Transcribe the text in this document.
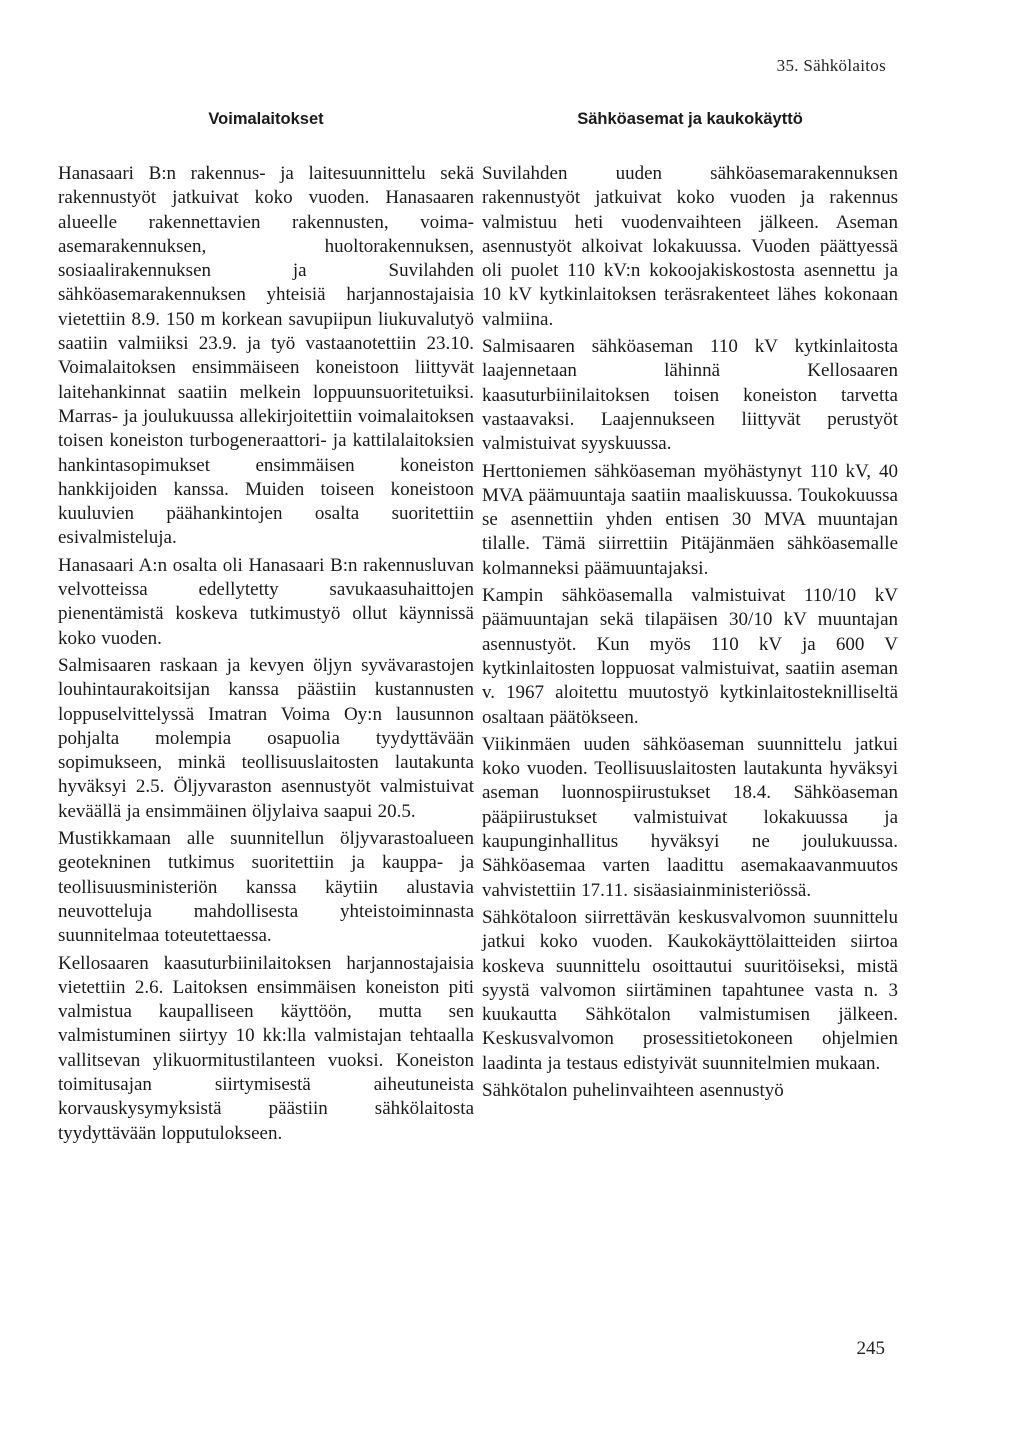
35. Sähkölaitos
Voimalaitokset

Hanasaari B:n rakennus- ja laitesuunnittelu sekä rakennustyöt jatkuivat koko vuoden. Hanasaaren alueelle rakennettavien rakennusten, voima-asemarakennuksen, huoltorakennuksen, sosiaalirakennuksen ja Suvilahden sähköasemarakennuksen yhteisiä harjannostajaisia vietettiin 8.9. 150 m korkean savupiipun liukuvalutyö saatiin valmiiksi 23.9. ja työ vastaanotettiin 23.10. Voimalaitoksen ensimmäiseen koneistoon liittyvät laitehankinnat saatiin melkein loppuunsuoritetuiksi. Marras- ja joulukuussa allekirjoitettiin voimalaitoksen toisen koneiston turbogeneraattori- ja kattilalaitoksien hankintasopimukset ensimmäisen koneiston hankkijoiden kanssa. Muiden toiseen koneistoon kuuluvien päähankintojen osalta suoritettiin esivalmisteluja.

Hanasaari A:n osalta oli Hanasaari B:n rakennusluvan velvotteissa edellytetty savukaasuhaittojen pienentämistä koskeva tutkimustyö ollut käynnissä koko vuoden.

Salmisaaren raskaan ja kevyen öljyn syvävarastojen louhintaurakoitsijan kanssa päästiin kustannusten loppuselvittelyssä Imatran Voima Oy:n lausunnon pohjalta molempia osapuolia tyydyttävään sopimukseen, minkä teollisuuslaitosten lautakunta hyväksyi 2.5. Öljyvaraston asennustyöt valmistuivat keväällä ja ensimmäinen öljylaiva saapui 20.5.

Mustikkamaan alle suunnitellun öljyvarastoalueen geotekninen tutkimus suoritettiin ja kauppa- ja teollisuusministeriön kanssa käytiin alustavia neuvotteluja mahdollisesta yhteistoiminnasta suunnitelmaa toteutettaessa.

Kellosaaren kaasuturbiinilaitoksen harjannostajaisia vietettiin 2.6. Laitoksen ensimmäisen koneiston piti valmistua kaupalliseen käyttöön, mutta sen valmistuminen siirtyy 10 kk:lla valmistajan tehtaalla vallitsevan ylikuormitustilanteen vuoksi. Koneiston toimitusajan siirtymisestä aiheutuneista korvauskysymyksistä päästiin sähkölaitosta tyydyttävään lopputulokseen.

Sähköasemat ja kaukokäyttö

Suvilahden uuden sähköasemarakennuksen rakennustyöt jatkuivat koko vuoden ja rakennus valmistuu heti vuodenvaihteen jälkeen. Aseman asennustyöt alkoivat lokakuussa. Vuoden päättyessä oli puolet 110 kV:n kokoojakiskostosta asennettu ja 10 kV kytkinlaitoksen teräsrakenteet lähes kokonaan valmiina.

Salmisaaren sähköaseman 110 kV kytkinlaitosta laajennetaan lähinnä Kellosaaren kaasuturbiinilaitoksen toisen koneiston tarvetta vastaavaksi. Laajennukseen liittyvät perustyöt valmistuivat syyskuussa.

Herttoniemen sähköaseman myöhästynyt 110 kV, 40 MVA päämuuntaja saatiin maaliskuussa. Toukokuussa se asennettiin yhden entisen 30 MVA muuntajan tilalle. Tämä siirrettiin Pitäjänmäen sähköasemalle kolmanneksi päämuuntajaksi.

Kampin sähköasemalla valmistuivat 110/10 kV päämuuntajan sekä tilapäisen 30/10 kV muuntajan asennustyöt. Kun myös 110 kV ja 600 V kytkinlaitosten loppuosat valmistuivat, saatiin aseman v. 1967 aloitettu muutostyö kytkinlaitosteknilliseltä osaltaan päätökseen.

Viikinmäen uuden sähköaseman suunnittelu jatkui koko vuoden. Teollisuuslaitosten lautakunta hyväksyi aseman luonnospiirustukset 18.4. Sähköaseman pääpiirustukset valmistuivat lokakuussa ja kaupunginhallitus hyväksyi ne joulukuussa. Sähköasemaa varten laadittu asemakaavanmuutos vahvistettiin 17.11. sisäasiainministeriössä.

Sähkötaloon siirrettävän keskusvalvomon suunnittelu jatkui koko vuoden. Kaukokäyttölaitteiden siirtoa koskeva suunnittelu osoittautui suuritöiseksi, mistä syystä valvomon siirtäminen tapahtunee vasta n. 3 kuukautta Sähkötalon valmistumisen jälkeen. Keskusvalvomon prosessitietokoneen ohjelmien laadinta ja testaus edistyivät suunnitelmien mukaan.

Sähkötalon puhelinvaihteen asennustyö

245
